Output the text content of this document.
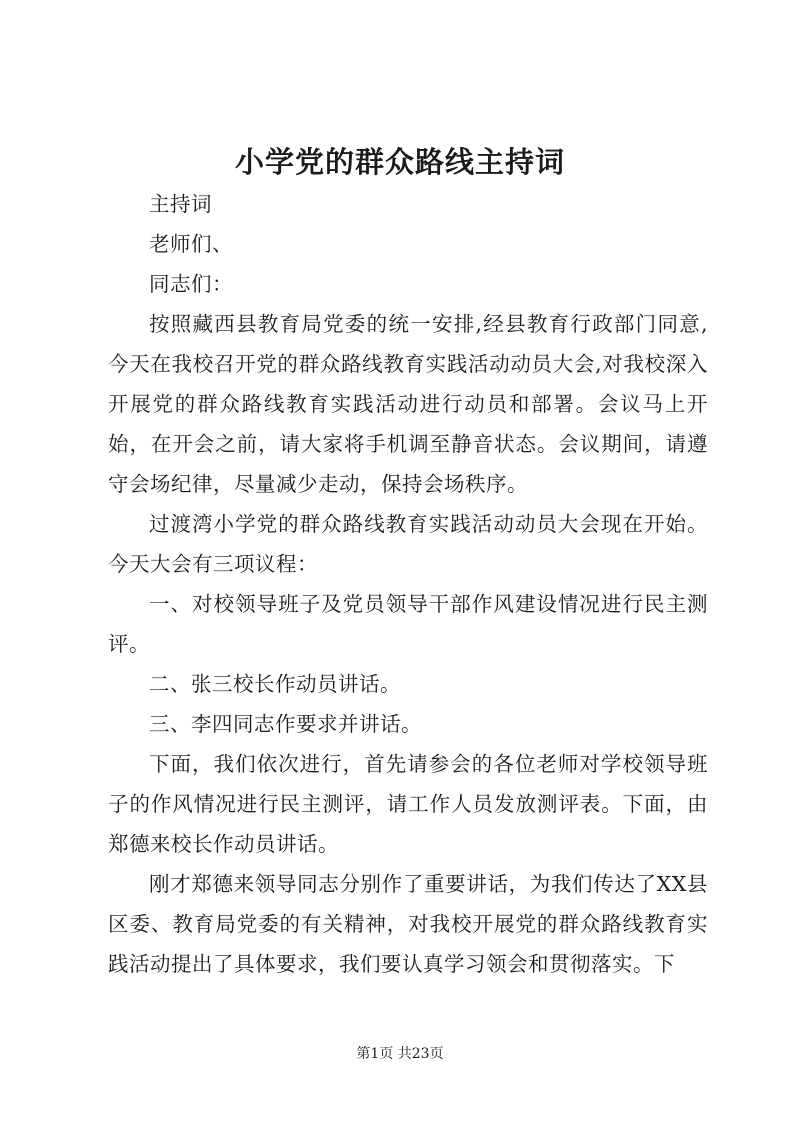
小学党的群众路线主持词

主持词

老师们、

同志们：

按照藏西县教育局党委的统一安排,经县教育行政部门同意,今天在我校召开党的群众路线教育实践活动动员大会,对我校深入开展党的群众路线教育实践活动进行动员和部署。会议马上开始，在开会之前，请大家将手机调至静音状态。会议期间，请遵守会场纪律，尽量减少走动，保持会场秩序。

过渡湾小学党的群众路线教育实践活动动员大会现在开始。今天大会有三项议程：

一、对校领导班子及党员领导干部作风建设情况进行民主测评。

二、张三校长作动员讲话。

三、李四同志作要求并讲话。

下面，我们依次进行，首先请参会的各位老师对学校领导班子的作风情况进行民主测评，请工作人员发放测评表。下面，由郑德来校长作动员讲话。

刚才郑德来领导同志分别作了重要讲话，为我们传达了XX县区委、教育局党委的有关精神，对我校开展党的群众路线教育实践活动提出了具体要求，我们要认真学习领会和贯彻落实。下

第1页 共23页
